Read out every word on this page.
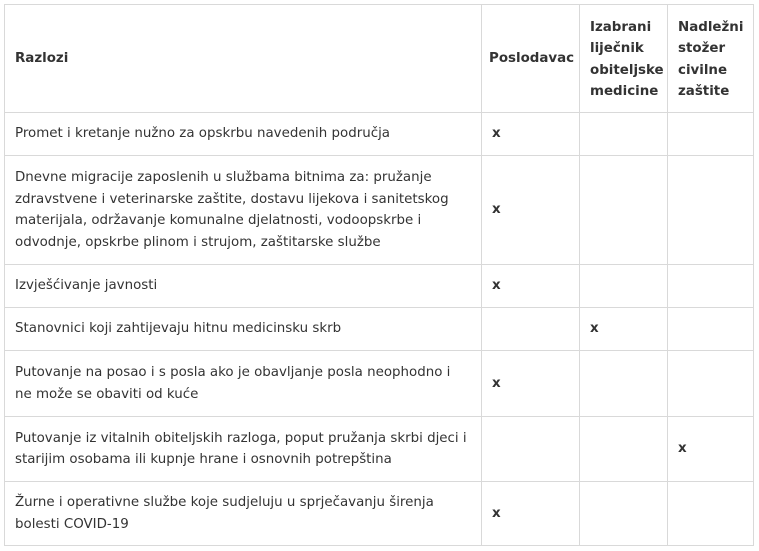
Razlozi	Poslodavac	Izabrani liječnik obiteljske medicine	Nadležni stožer civilne zaštite
Promet i kretanje nužno za opskrbu navedenih područja	x		
Dnevne migracije zaposlenih u službama bitnima za: pružanje zdravstvene i veterinarske zaštite, dostavu lijekova i sanitetskog materijala, održavanje komunalne djelatnosti, vodoopskrbe i odvodnje, opskrbe plinom i strujom, zaštitarske službe	x		
Izvješćivanje javnosti	x		
Stanovnici koji zahtijevaju hitnu medicinsku skrb		x	
Putovanje na posao i s posla ako je obavljanje posla neophodno i ne može se obaviti od kuće	x		
Putovanje iz vitalnih obiteljskih razloga, poput pružanja skrbi djeci i starijim osobama ili kupnje hrane i osnovnih potrepština			x
Žurne i operativne službe koje sudjeluju u sprječavanju širenja bolesti COVID-19	x		
